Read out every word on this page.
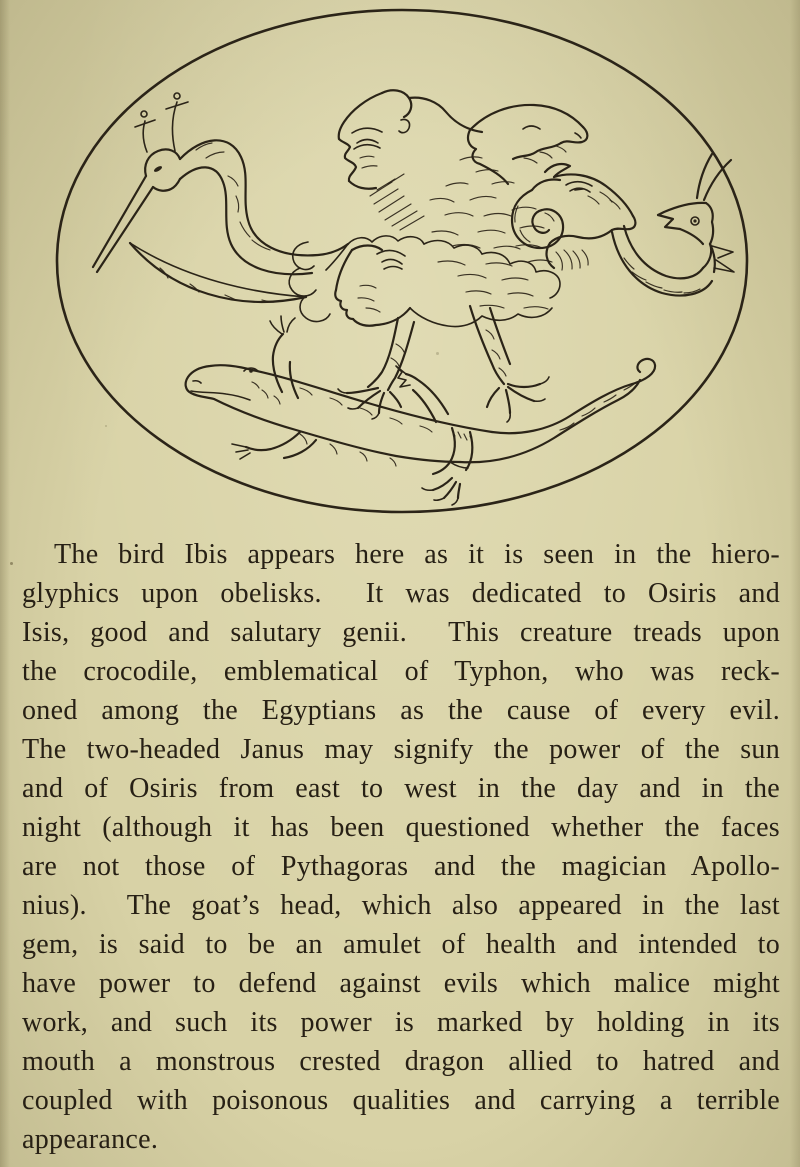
The bird Ibis appears here as it is seen in the hiero-
glyphics upon obelisks.  It was dedicated to Osiris and
Isis, good and salutary genii.  This creature treads upon
the crocodile, emblematical of Typhon, who was reck-
oned among the Egyptians as the cause of every evil.
The two-headed Janus may signify the power of the sun
and of Osiris from east to west in the day and in the
night (although it has been questioned whether the faces
are not those of Pythagoras and the magician Apollo-
nius).  The goat’s head, which also appeared in the last
gem, is said to be an amulet of health and intended to
have power to defend against evils which malice might
work, and such its power is marked by holding in its
mouth a monstrous crested dragon allied to hatred and
coupled with poisonous qualities and carrying a terrible
appearance.
